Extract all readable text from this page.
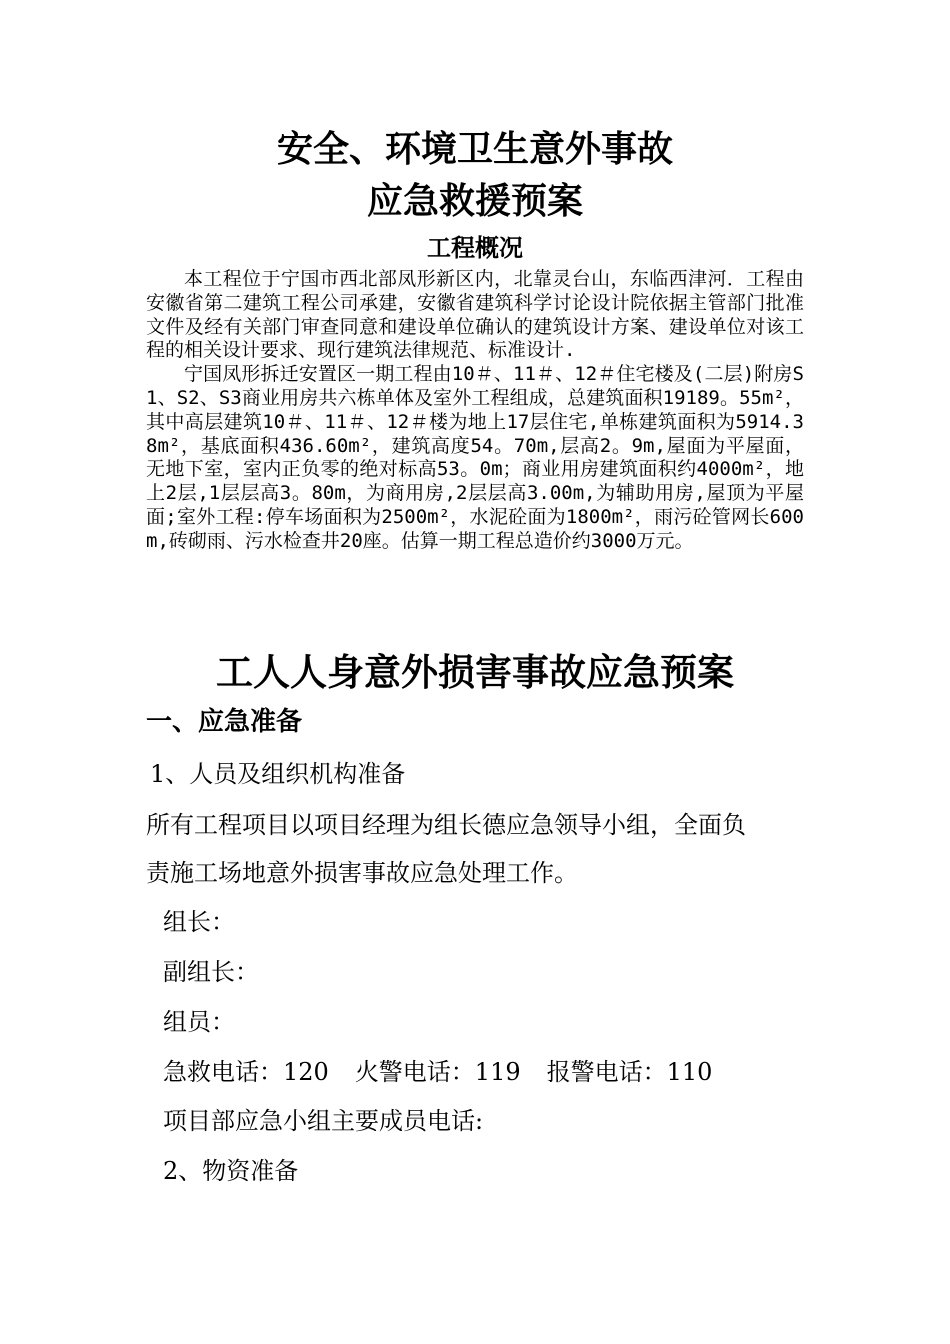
安全、环境卫生意外事故
应急救援预案
工程概况

本工程位于宁国市西北部凤形新区内，北靠灵台山，东临西津河．工程由安徽省第二建筑工程公司承建，安徽省建筑科学讨论设计院依据主管部门批准文件及经有关部门审查同意和建设单位确认的建筑设计方案、建设单位对该工程的相关设计要求、现行建筑法律规范、标准设计.

宁国凤形拆迁安置区一期工程由10＃、11＃、12＃住宅楼及(二层)附房S1、S2、S3商业用房共六栋单体及室外工程组成，总建筑面积19189。55m²，其中高层建筑10＃、11＃、12＃楼为地上17层住宅,单栋建筑面积为5914.38m²，基底面积436.60m²，建筑高度54。70m,层高2。9m,屋面为平屋面，无地下室，室内正负零的绝对标高53。0m；商业用房建筑面积约4000m²，地上2层,1层层高3。80m，为商用房,2层层高3.00m,为辅助用房,屋顶为平屋面;室外工程:停车场面积为2500m²，水泥砼面为1800m²，雨污砼管网长600m,砖砌雨、污水检查井20座。估算一期工程总造价约3000万元。

工人人身意外损害事故应急预案
一、应急准备
1、人员及组织机构准备
所有工程项目以项目经理为组长德应急领导小组，全面负
责施工场地意外损害事故应急处理工作。
组长：
副组长：
组员：
急救电话：120 火警电话：119 报警电话：110
项目部应急小组主要成员电话:
2、物资准备
